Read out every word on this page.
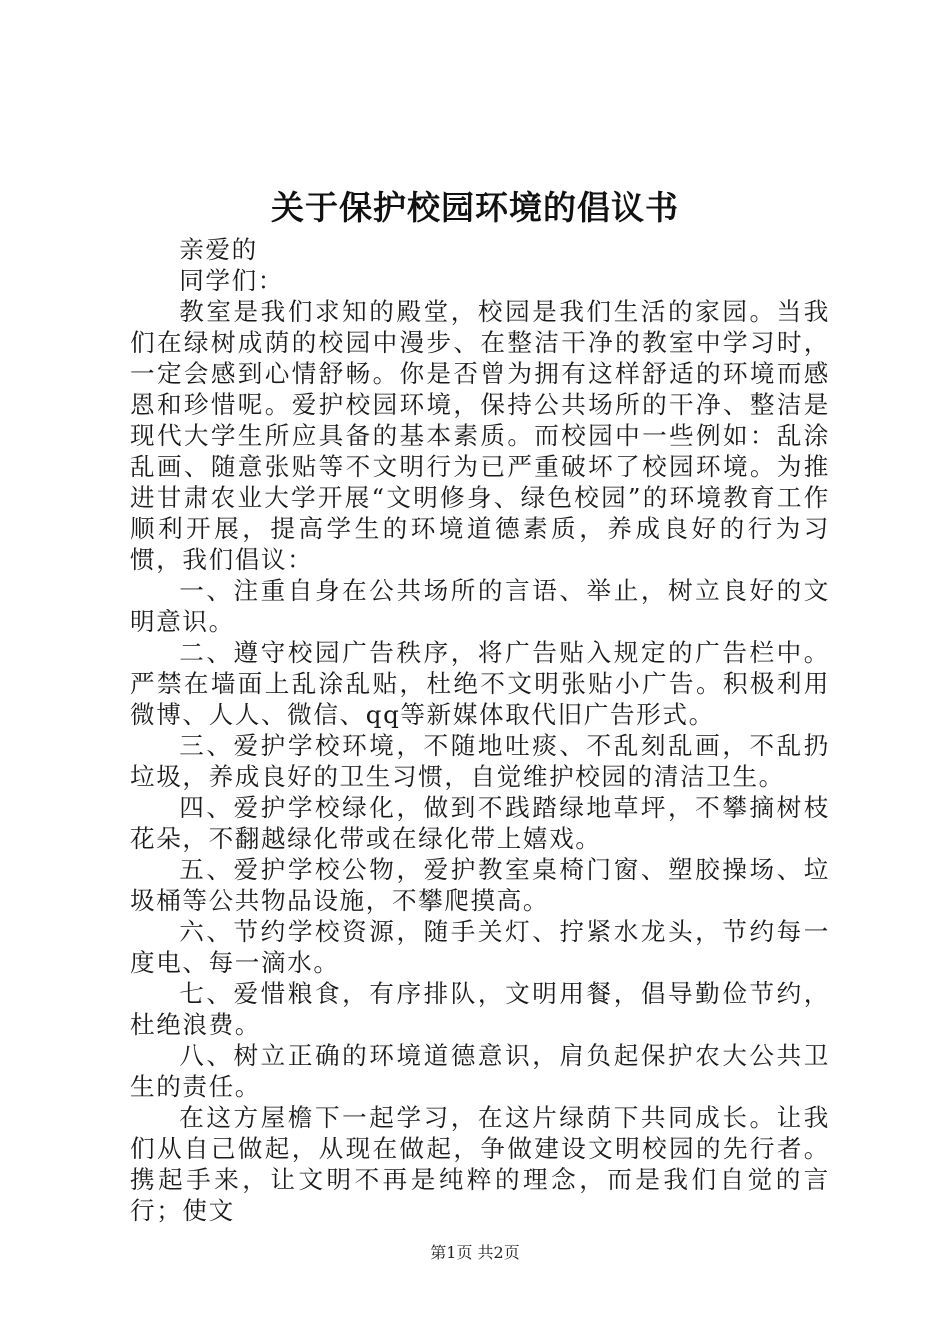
关于保护校园环境的倡议书

亲爱的

同学们：

教室是我们求知的殿堂，校园是我们生活的家园。当我们在绿树成荫的校园中漫步、在整洁干净的教室中学习时，一定会感到心情舒畅。你是否曾为拥有这样舒适的环境而感恩和珍惜呢。爱护校园环境，保持公共场所的干净、整洁是现代大学生所应具备的基本素质。而校园中一些例如：乱涂乱画、随意张贴等不文明行为已严重破坏了校园环境。为推进甘肃农业大学开展“文明修身、绿色校园”的环境教育工作顺利开展，提高学生的环境道德素质，养成良好的行为习惯，我们倡议：

一、注重自身在公共场所的言语、举止，树立良好的文明意识。

二、遵守校园广告秩序，将广告贴入规定的广告栏中。严禁在墙面上乱涂乱贴，杜绝不文明张贴小广告。积极利用微博、人人、微信、qq等新媒体取代旧广告形式。

三、爱护学校环境，不随地吐痰、不乱刻乱画，不乱扔垃圾，养成良好的卫生习惯，自觉维护校园的清洁卫生。

四、爱护学校绿化，做到不践踏绿地草坪，不攀摘树枝花朵，不翻越绿化带或在绿化带上嬉戏。

五、爱护学校公物，爱护教室桌椅门窗、塑胶操场、垃圾桶等公共物品设施，不攀爬摸高。

六、节约学校资源，随手关灯、拧紧水龙头，节约每一度电、每一滴水。

七、爱惜粮食，有序排队，文明用餐，倡导勤俭节约，杜绝浪费。

八、树立正确的环境道德意识，肩负起保护农大公共卫生的责任。

在这方屋檐下一起学习，在这片绿荫下共同成长。让我们从自己做起，从现在做起，争做建设文明校园的先行者。携起手来，让文明不再是纯粹的理念，而是我们自觉的言行；使文

第1页 共2页
